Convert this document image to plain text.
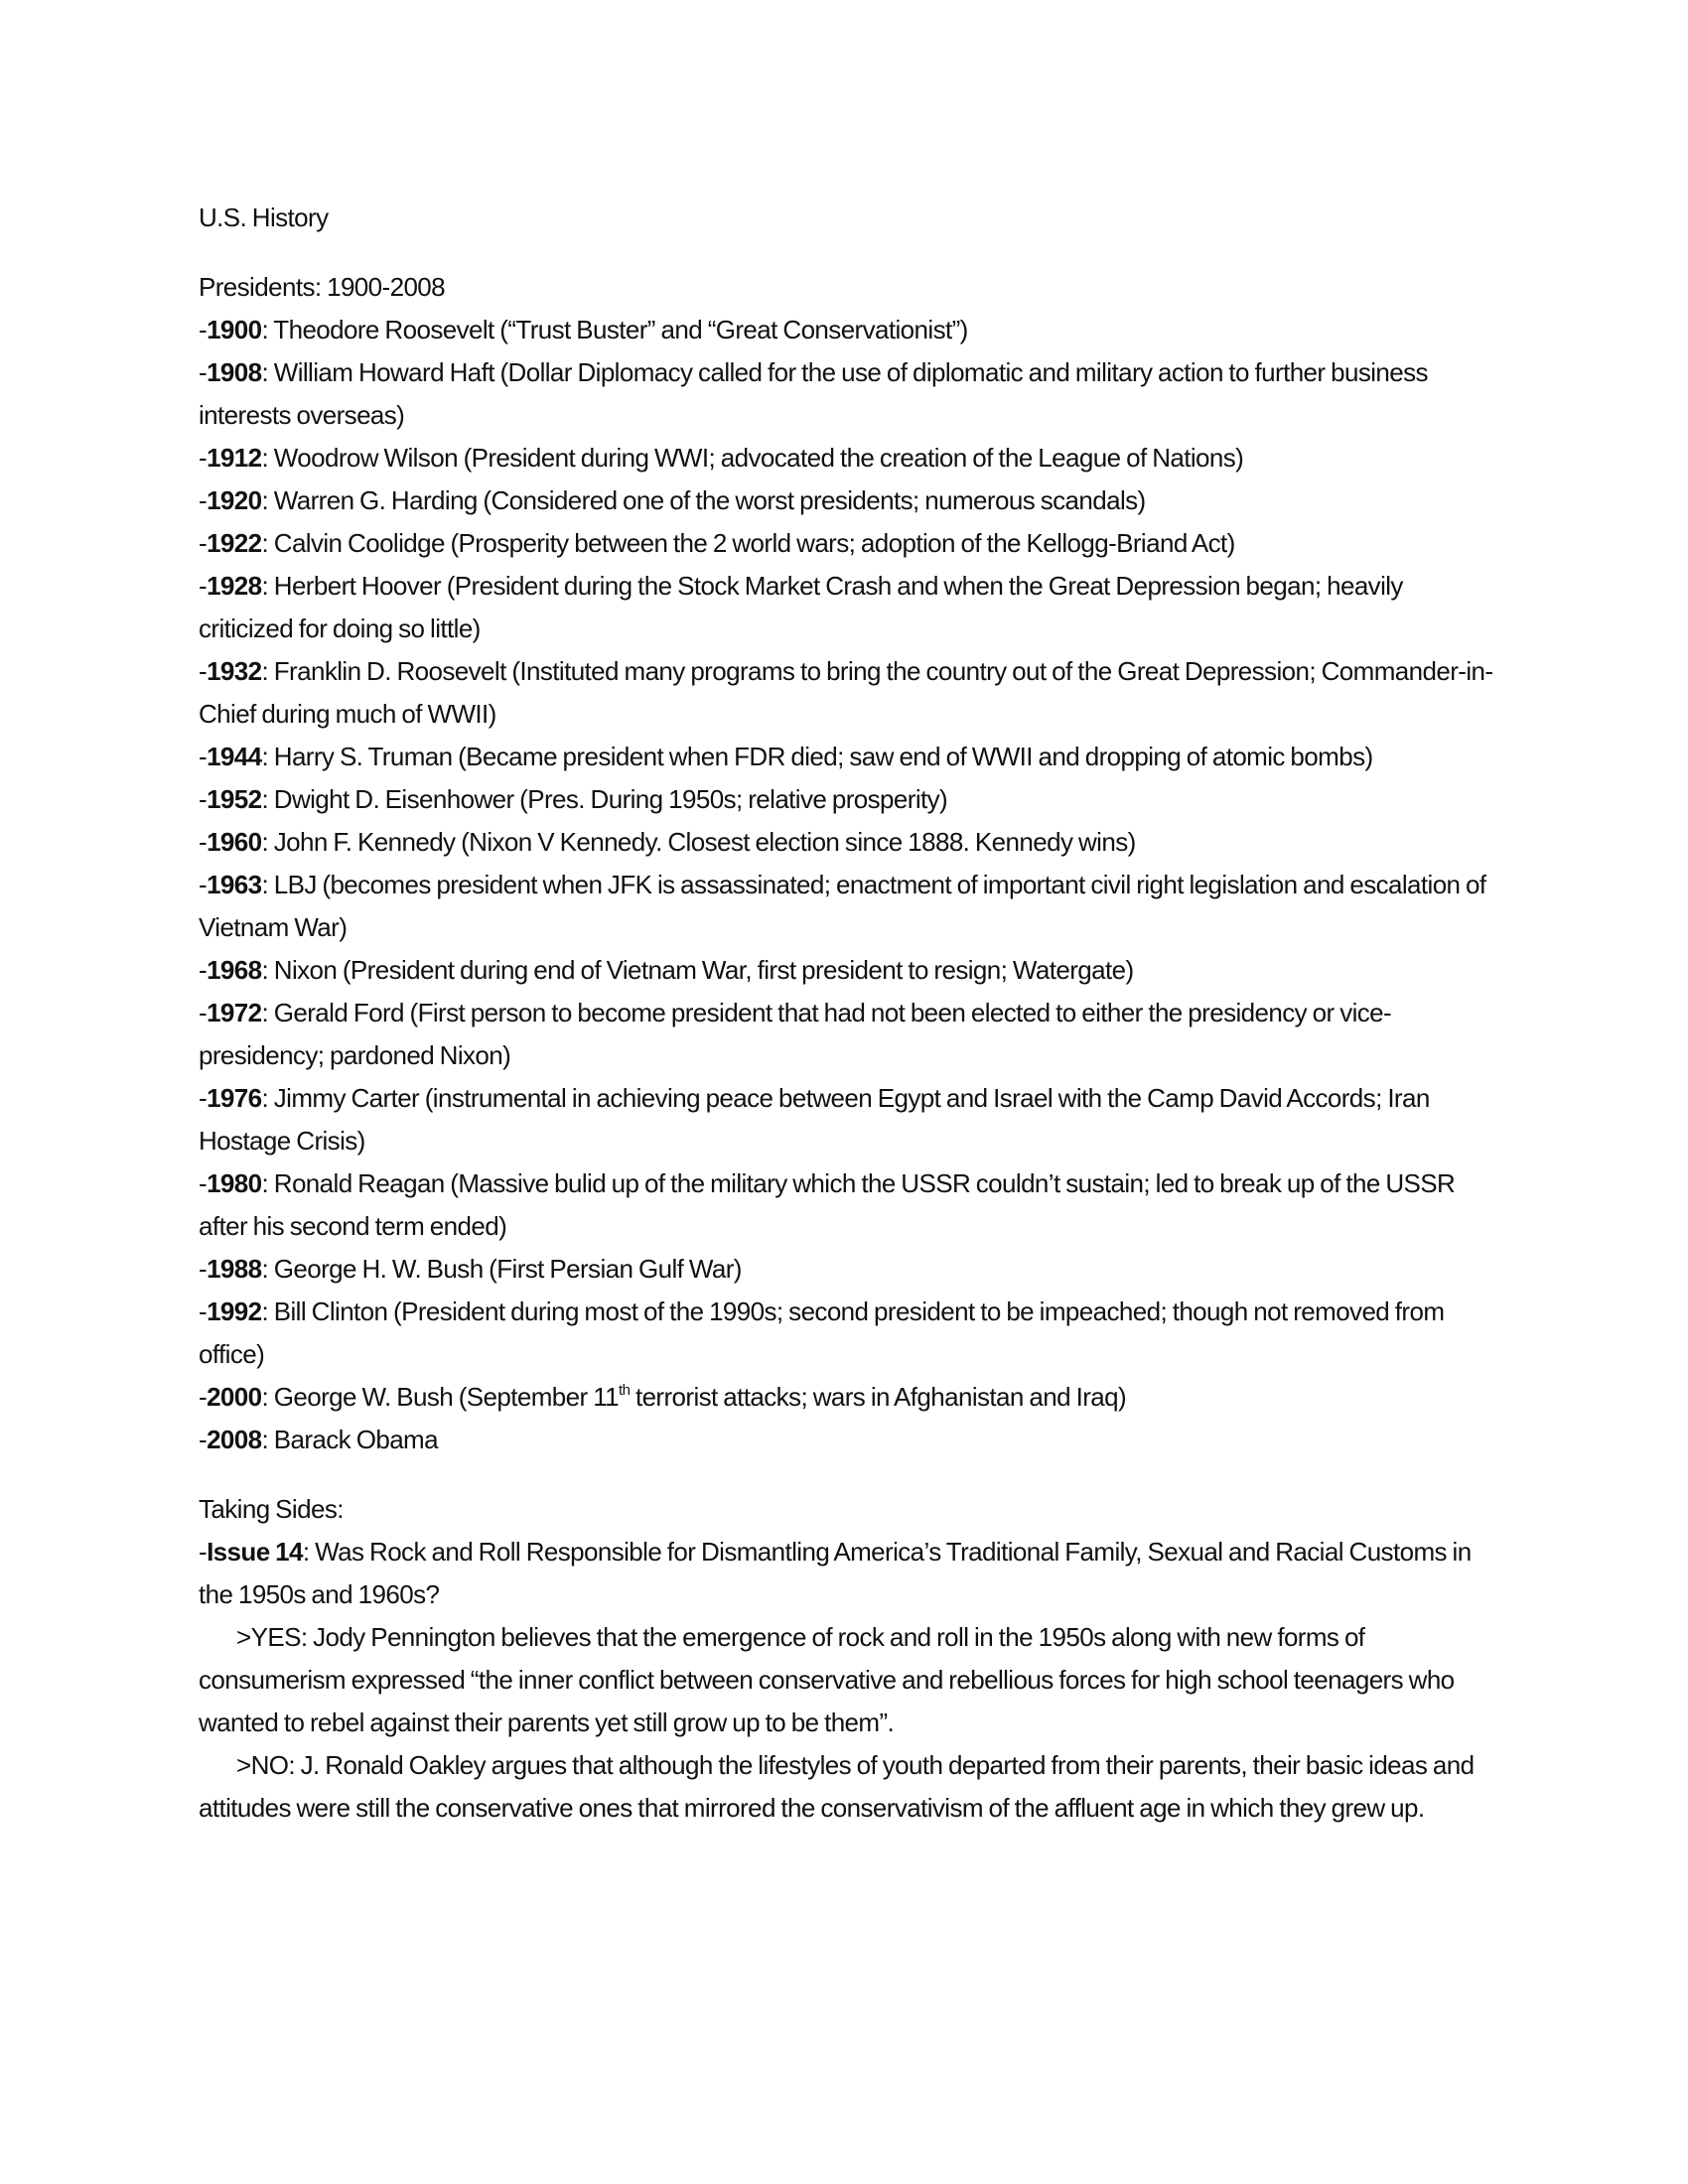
U.S. History

Presidents: 1900-2008

-1900: Theodore Roosevelt (“Trust Buster” and “Great Conservationist”)

-1908: William Howard Haft (Dollar Diplomacy called for the use of diplomatic and military action to further business interests overseas)

-1912: Woodrow Wilson (President during WWI; advocated the creation of the League of Nations)

-1920: Warren G. Harding (Considered one of the worst presidents; numerous scandals)

-1922: Calvin Coolidge (Prosperity between the 2 world wars; adoption of the Kellogg-Briand Act)

-1928: Herbert Hoover (President during the Stock Market Crash and when the Great Depression began; heavily criticized for doing so little)

-1932: Franklin D. Roosevelt (Instituted many programs to bring the country out of the Great Depression; Commander-in-Chief during much of WWII)

-1944: Harry S. Truman (Became president when FDR died; saw end of WWII and dropping of atomic bombs)

-1952: Dwight D. Eisenhower (Pres. During 1950s; relative prosperity)

-1960: John F. Kennedy (Nixon V Kennedy. Closest election since 1888. Kennedy wins)

-1963: LBJ (becomes president when JFK is assassinated; enactment of important civil right legislation and escalation of Vietnam War)

-1968: Nixon (President during end of Vietnam War, first president to resign; Watergate)

-1972: Gerald Ford (First person to become president that had not been elected to either the presidency or vice-presidency; pardoned Nixon)

-1976: Jimmy Carter (instrumental in achieving peace between Egypt and Israel with the Camp David Accords; Iran Hostage Crisis)

-1980: Ronald Reagan (Massive bulid up of the military which the USSR couldn’t sustain; led to break up of the USSR after his second term ended)

-1988: George H. W. Bush (First Persian Gulf War)

-1992: Bill Clinton (President during most of the 1990s; second president to be impeached; though not removed from office)

-2000: George W. Bush (September 11th terrorist attacks; wars in Afghanistan and Iraq)

-2008: Barack Obama

Taking Sides:

-Issue 14: Was Rock and Roll Responsible for Dismantling America’s Traditional Family, Sexual and Racial Customs in the 1950s and 1960s?

>YES: Jody Pennington believes that the emergence of rock and roll in the 1950s along with new forms of consumerism expressed “the inner conflict between conservative and rebellious forces for high school teenagers who wanted to rebel against their parents yet still grow up to be them”.

>NO: J. Ronald Oakley argues that although the lifestyles of youth departed from their parents, their basic ideas and attitudes were still the conservative ones that mirrored the conservativism of the affluent age in which they grew up.
